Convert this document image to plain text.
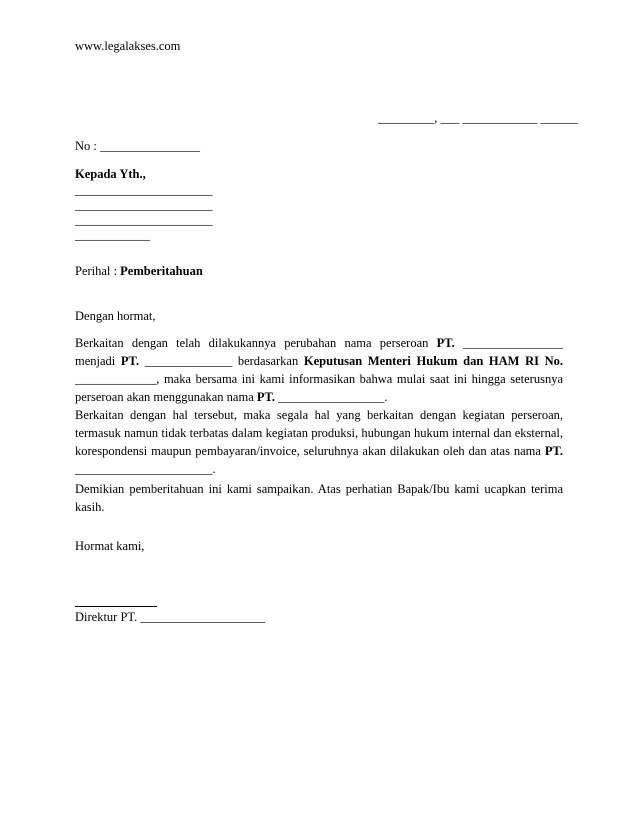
www.legalakses.com
_________, ___ ____________ ______
No : ________________
Kepada Yth.,
______________________
______________________
______________________
____________
Perihal : Pemberitahuan
Dengan hormat,
Berkaitan dengan telah dilakukannya perubahan nama perseroan PT. ________________
menjadi PT. ______________ berdasarkan Keputusan Menteri Hukum dan HAM RI No.
_____________, maka bersama ini kami informasikan bahwa mulai saat ini hingga seterusnya
perseroan akan menggunakan nama PT. _________________.
Berkaitan dengan hal tersebut, maka segala hal yang berkaitan dengan kegiatan perseroan,
termasuk namun tidak terbatas dalam kegiatan produksi, hubungan hukum internal dan eksternal,
korespondensi maupun pembayaran/invoice, seluruhnya akan dilakukan oleh dan atas nama PT.
______________________.
Demikian pemberitahuan ini kami sampaikan. Atas perhatian Bapak/Ibu kami ucapkan terima
kasih.
Hormat kami,
Direktur PT. ____________________
